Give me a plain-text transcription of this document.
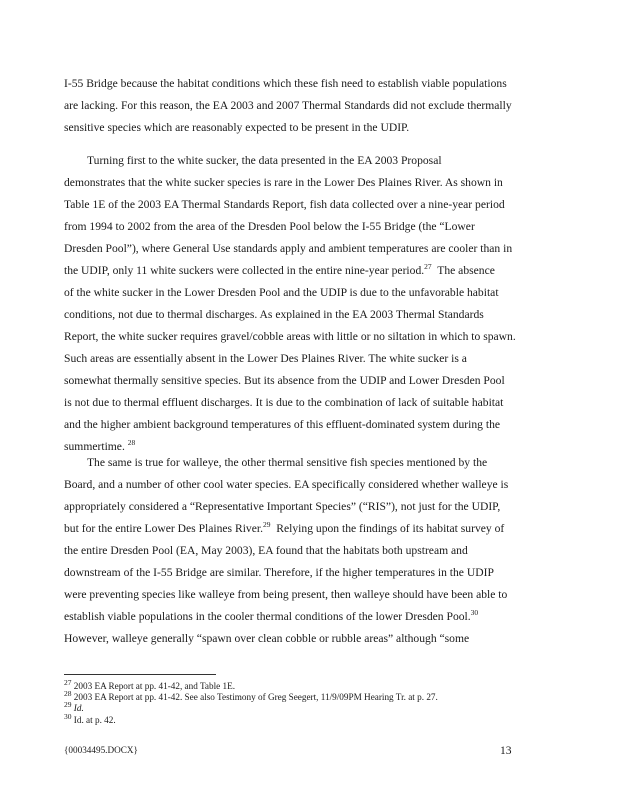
I-55 Bridge because the habitat conditions which these fish need to establish viable populations
are lacking. For this reason, the EA 2003 and 2007 Thermal Standards did not exclude thermally
sensitive species which are reasonably expected to be present in the UDIP.
Turning first to the white sucker, the data presented in the EA 2003 Proposal
demonstrates that the white sucker species is rare in the Lower Des Plaines River. As shown in
Table 1E of the 2003 EA Thermal Standards Report, fish data collected over a nine-year period
from 1994 to 2002 from the area of the Dresden Pool below the I-55 Bridge (the “Lower
Dresden Pool”), where General Use standards apply and ambient temperatures are cooler than in
the UDIP, only 11 white suckers were collected in the entire nine-year period.$^{27}$  The absence
of the white sucker in the Lower Dresden Pool and the UDIP is due to the unfavorable habitat
conditions, not due to thermal discharges. As explained in the EA 2003 Thermal Standards
Report, the white sucker requires gravel/cobble areas with little or no siltation in which to spawn.
Such areas are essentially absent in the Lower Des Plaines River. The white sucker is a
somewhat thermally sensitive species. But its absence from the UDIP and Lower Dresden Pool
is not due to thermal effluent discharges. It is due to the combination of lack of suitable habitat
and the higher ambient background temperatures of this effluent-dominated system during the
summertime. $^{28}$
The same is true for walleye, the other thermal sensitive fish species mentioned by the
Board, and a number of other cool water species. EA specifically considered whether walleye is
appropriately considered a “Representative Important Species” (“RIS”), not just for the UDIP,
but for the entire Lower Des Plaines River.$^{29}$  Relying upon the findings of its habitat survey of
the entire Dresden Pool (EA, May 2003), EA found that the habitats both upstream and
downstream of the I-55 Bridge are similar. Therefore, if the higher temperatures in the UDIP
were preventing species like walleye from being present, then walleye should have been able to
establish viable populations in the cooler thermal conditions of the lower Dresden Pool.$^{30}$
However, walleye generally “spawn over clean cobble or rubble areas” although “some
$^{27}$ 2003 EA Report at pp. 41-42, and Table 1E.
$^{28}$ 2003 EA Report at pp. 41-42. See also Testimony of Greg Seegert, 11/9/09PM Hearing Tr. at p. 27.
$^{29}$ Id.
$^{30}$ Id. at p. 42.
{00034495.DOCX}	13
